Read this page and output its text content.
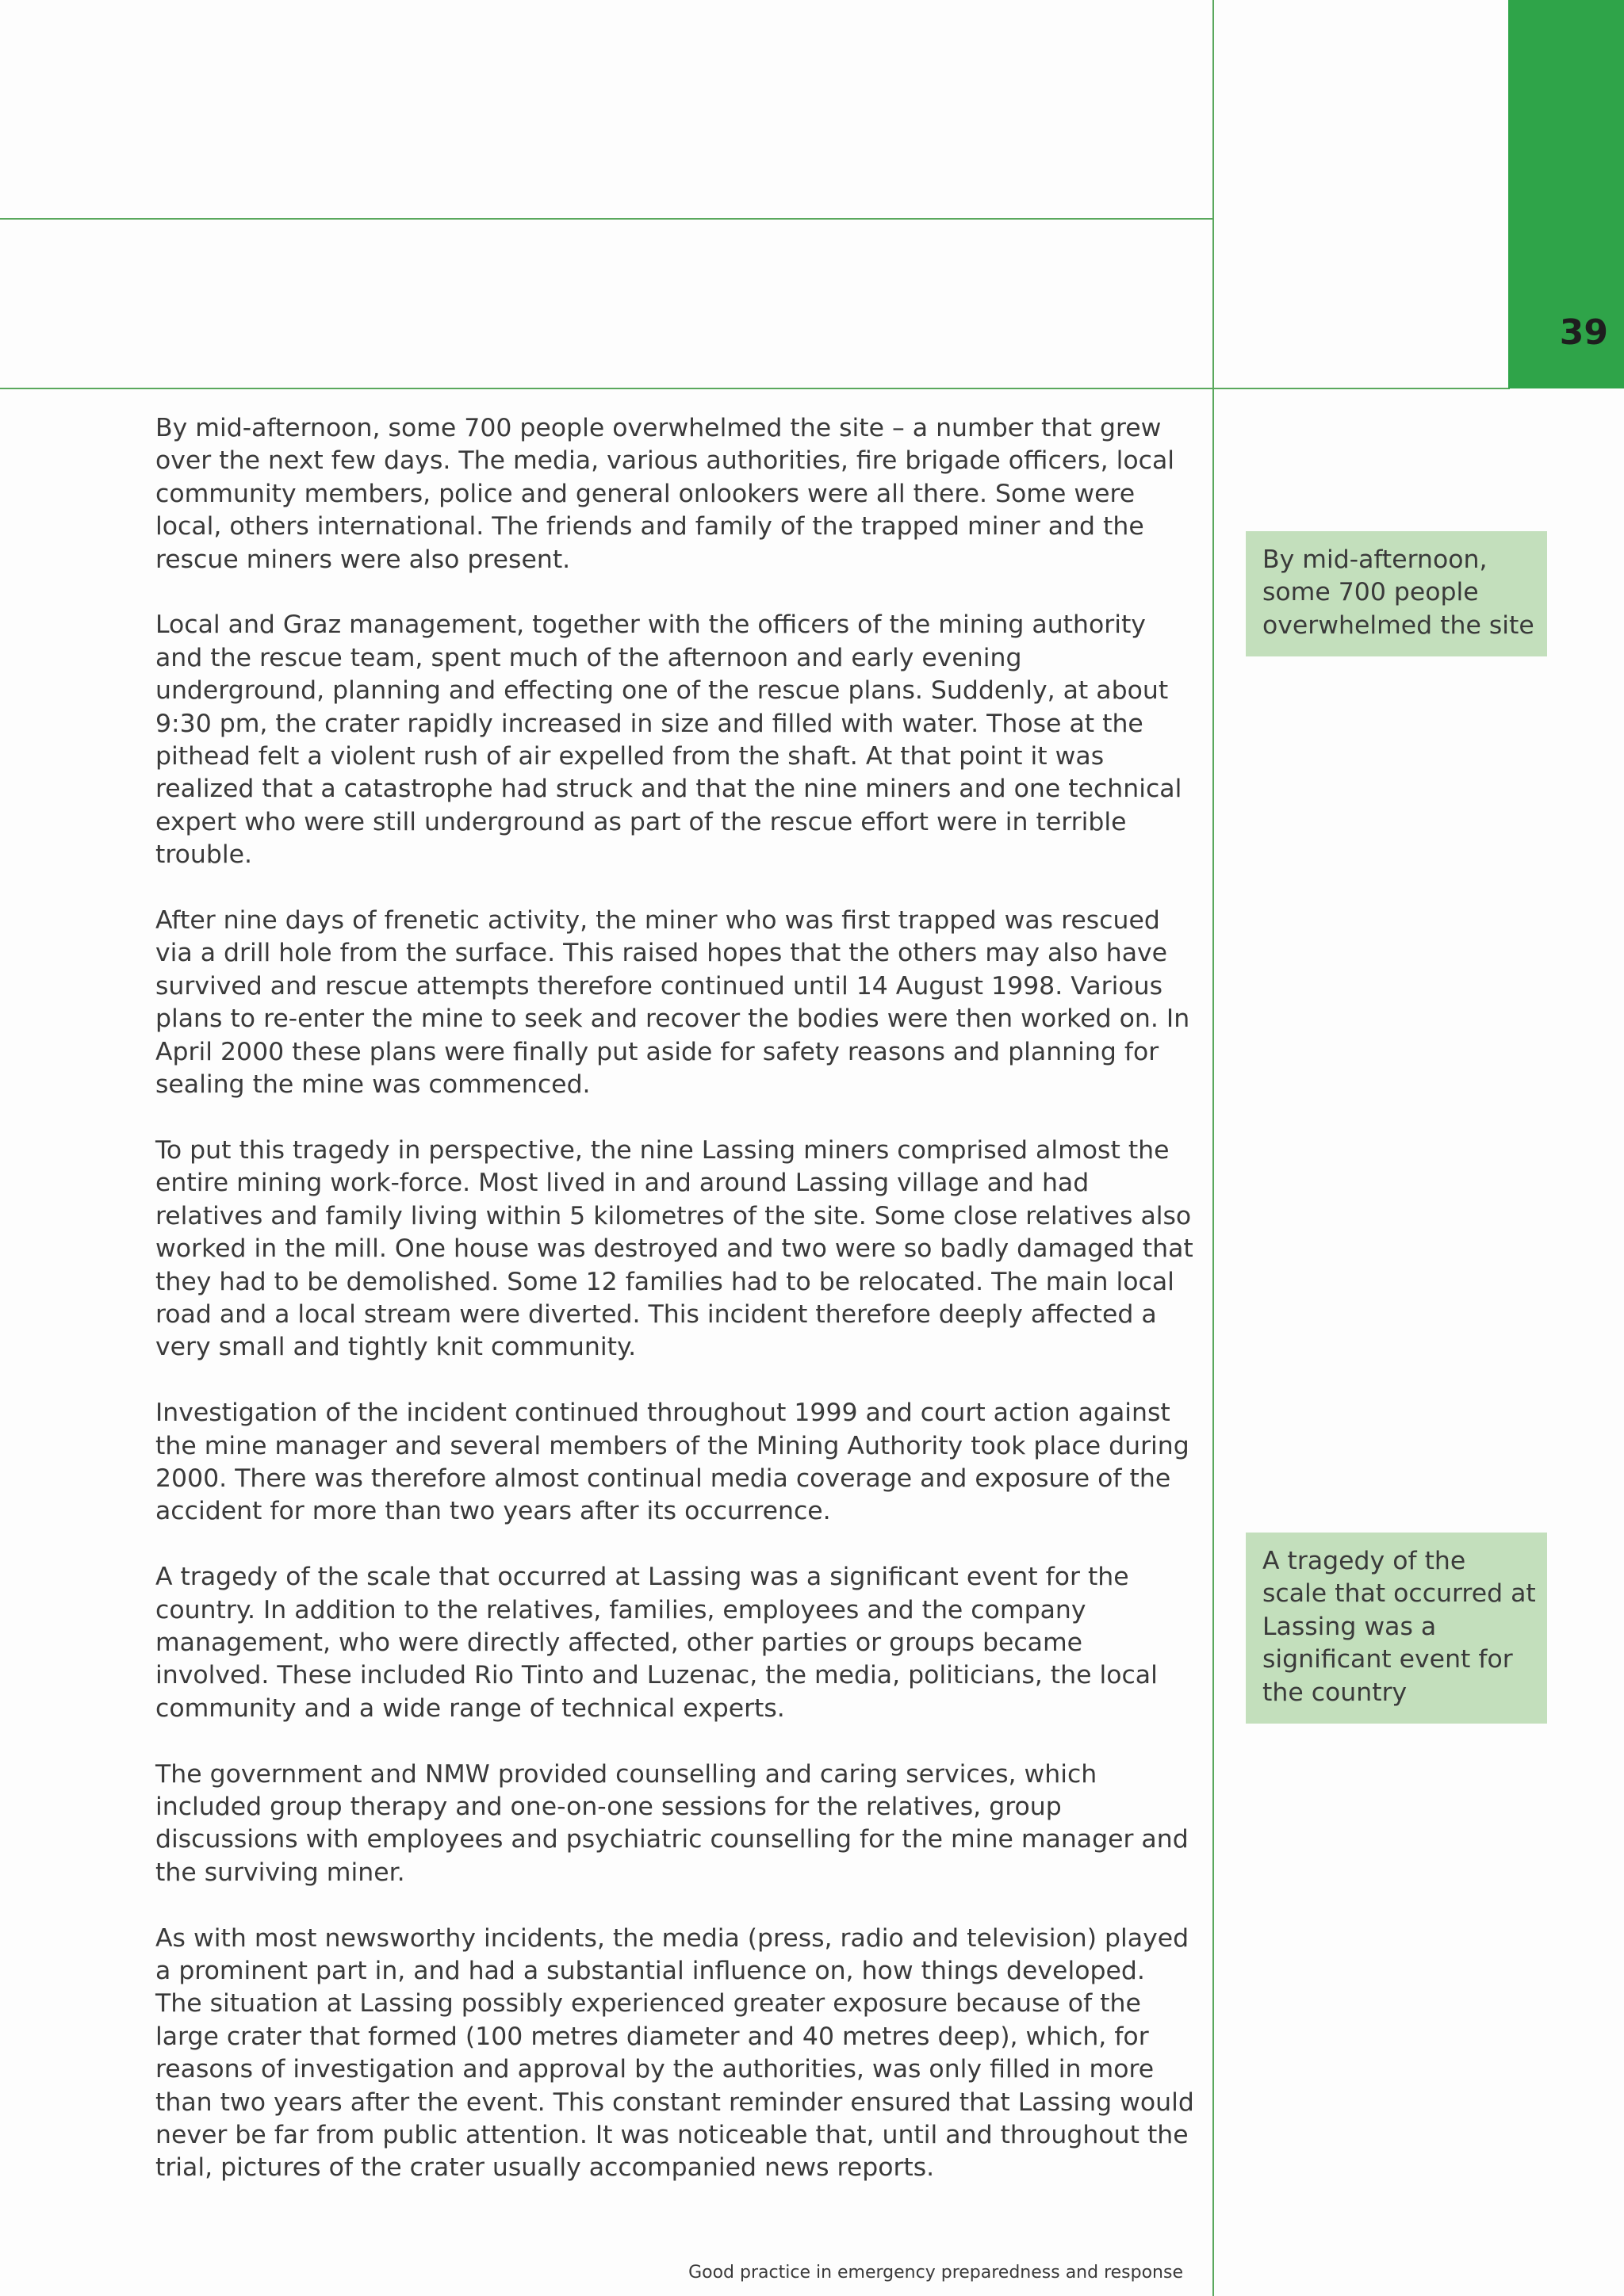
39

By mid-afternoon, some 700 people overwhelmed the site – a number that grew over the next few days. The media, various authorities, fire brigade officers, local community members, police and general onlookers were all there. Some were local, others international. The friends and family of the trapped miner and the rescue miners were also present.

Local and Graz management, together with the officers of the mining authority and the rescue team, spent much of the afternoon and early evening underground, planning and effecting one of the rescue plans. Suddenly, at about 9:30 pm, the crater rapidly increased in size and filled with water. Those at the pithead felt a violent rush of air expelled from the shaft. At that point it was realized that a catastrophe had struck and that the nine miners and one technical expert who were still underground as part of the rescue effort were in terrible trouble.

After nine days of frenetic activity, the miner who was first trapped was rescued via a drill hole from the surface. This raised hopes that the others may also have survived and rescue attempts therefore continued until 14 August 1998. Various plans to re-enter the mine to seek and recover the bodies were then worked on. In April 2000 these plans were finally put aside for safety reasons and planning for sealing the mine was commenced.

To put this tragedy in perspective, the nine Lassing miners comprised almost the entire mining work-force. Most lived in and around Lassing village and had relatives and family living within 5 kilometres of the site. Some close relatives also worked in the mill. One house was destroyed and two were so badly damaged that they had to be demolished. Some 12 families had to be relocated. The main local road and a local stream were diverted. This incident therefore deeply affected a very small and tightly knit community.

Investigation of the incident continued throughout 1999 and court action against the mine manager and several members of the Mining Authority took place during 2000. There was therefore almost continual media coverage and exposure of the accident for more than two years after its occurrence.

A tragedy of the scale that occurred at Lassing was a significant event for the country. In addition to the relatives, families, employees and the company management, who were directly affected, other parties or groups became involved. These included Rio Tinto and Luzenac, the media, politicians, the local community and a wide range of technical experts.

The government and NMW provided counselling and caring services, which included group therapy and one-on-one sessions for the relatives, group discussions with employees and psychiatric counselling for the mine manager and the surviving miner.

As with most newsworthy incidents, the media (press, radio and television) played a prominent part in, and had a substantial influence on, how things developed. The situation at Lassing possibly experienced greater exposure because of the large crater that formed (100 metres diameter and 40 metres deep), which, for reasons of investigation and approval by the authorities, was only filled in more than two years after the event. This constant reminder ensured that Lassing would never be far from public attention. It was noticeable that, until and throughout the trial, pictures of the crater usually accompanied news reports.

By mid-afternoon, some 700 people overwhelmed the site
A tragedy of the scale that occurred at Lassing was a significant event for the country
Good practice in emergency preparedness and response
